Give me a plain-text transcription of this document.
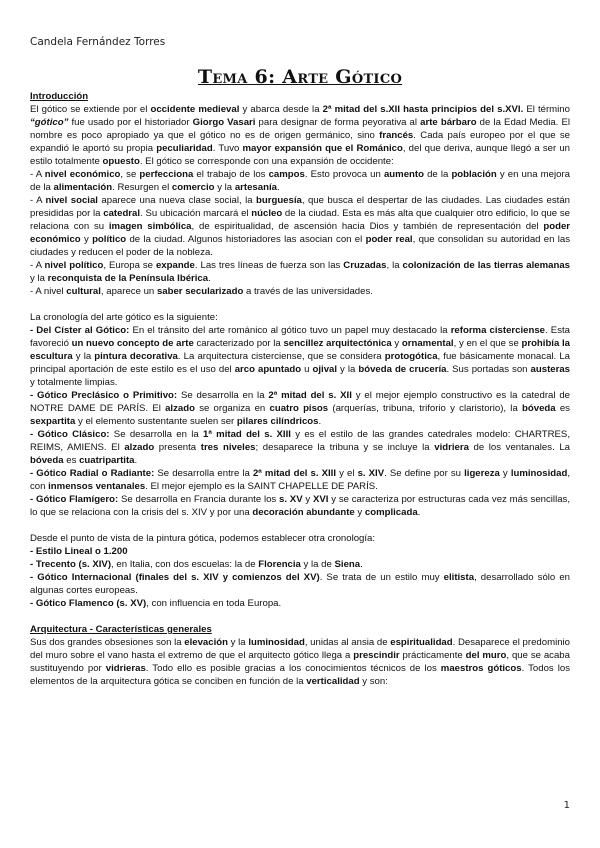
Candela Fernández Torres
Tema 6: Arte Gótico

Introducción

El gótico se extiende por el occidente medieval y abarca desde la 2ª mitad del s.XII hasta principios del s.XVI. El término “gótico” fue usado por el historiador Giorgo Vasari para designar de forma peyorativa al arte bárbaro de la Edad Media. El nombre es poco apropiado ya que el gótico no es de origen germánico, sino francés. Cada país europeo por el que se expandió le aportó su propia peculiaridad. Tuvo mayor expansión que el Románico, del que deriva, aunque llegó a ser un estilo totalmente opuesto. El gótico se corresponde con una expansión de occidente:

- A nivel económico, se perfecciona el trabajo de los campos. Esto provoca un aumento de la población y en una mejora de la alimentación. Resurgen el comercio y la artesanía.

- A nivel social aparece una nueva clase social, la burguesía, que busca el despertar de las ciudades. Las ciudades están presididas por la catedral. Su ubicación marcará el núcleo de la ciudad. Esta es más alta que cualquier otro edificio, lo que se relaciona con su imagen simbólica, de espiritualidad, de ascensión hacia Dios y también de representación del poder económico y político de la ciudad. Algunos historiadores las asocian con el poder real, que consolidan su autoridad en las ciudades y reducen el poder de la nobleza.

- A nivel político, Europa se expande. Las tres líneas de fuerza son las Cruzadas, la colonización de las tierras alemanas y la reconquista de la Península Ibérica.

- A nivel cultural, aparece un saber secularizado a través de las universidades.

La cronología del arte gótico es la siguiente:

- Del Císter al Gótico: En el tránsito del arte románico al gótico tuvo un papel muy destacado la reforma cisterciense. Esta favoreció un nuevo concepto de arte caracterizado por la sencillez arquitectónica y ornamental, y en el que se prohibía la escultura y la pintura decorativa. La arquitectura cisterciense, que se considera protogótica, fue básicamente monacal. La principal aportación de este estilo es el uso del arco apuntado u ojival y la bóveda de crucería. Sus portadas son austeras y totalmente limpias.

- Gótico Preclásico o Primitivo: Se desarrolla en la 2ª mitad del s. XII y el mejor ejemplo constructivo es la catedral de NOTRE DAME DE PARÍS. El alzado se organiza en cuatro pisos (arquerías, tribuna, triforio y claristorio), la bóveda es sexpartita y el elemento sustentante suelen ser pilares cilíndricos.

- Gótico Clásico: Se desarrolla en la 1ª mitad del s. XIII y es el estilo de las grandes catedrales modelo: CHARTRES, REIMS, AMIENS. El alzado presenta tres niveles; desaparece la tribuna y se incluye la vidriera de los ventanales. La bóveda es cuatripartita.

- Gótico Radial o Radiante: Se desarrolla entre la 2ª mitad del s. XIII y el s. XIV. Se define por su ligereza y luminosidad, con inmensos ventanales. El mejor ejemplo es la SAINT CHAPELLE DE PARÍS.

- Gótico Flamígero: Se desarrolla en Francia durante los s. XV y XVI y se caracteriza por estructuras cada vez más sencillas, lo que se relaciona con la crisis del s. XIV y por una decoración abundante y complicada.

Desde el punto de vista de la pintura gótica, podemos establecer otra cronología:

- Estilo Lineal o 1.200

- Trecento (s. XIV), en Italia, con dos escuelas: la de Florencia y la de Siena.

- Gótico Internacional (finales del s. XIV y comienzos del XV). Se trata de un estilo muy elitista, desarrollado sólo en algunas cortes europeas.

- Gótico Flamenco (s. XV), con influencia en toda Europa.

Arquitectura - Características generales

Sus dos grandes obsesiones son la elevación y la luminosidad, unidas al ansia de espiritualidad. Desaparece el predominio del muro sobre el vano hasta el extremo de que el arquitecto gótico llega a prescindir prácticamente del muro, que se acaba sustituyendo por vidrieras. Todo ello es posible gracias a los conocimientos técnicos de los maestros góticos. Todos los elementos de la arquitectura gótica se conciben en función de la verticalidad y son:

1
